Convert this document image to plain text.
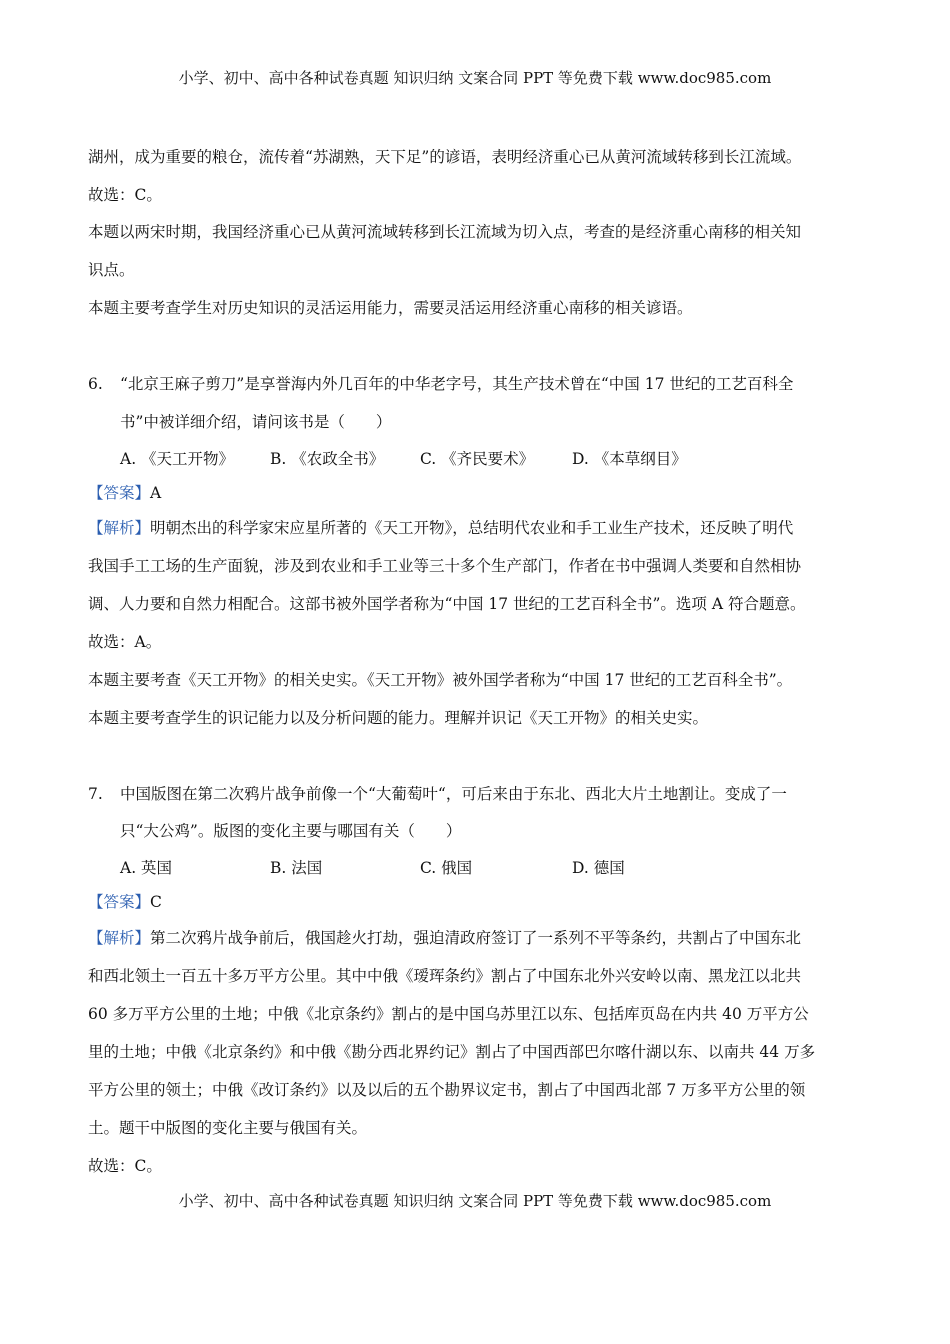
小学、初中、高中各种试卷真题 知识归纳 文案合同 PPT 等免费下载 www.doc985.com
湖州，成为重要的粮仓，流传着“苏湖熟，天下足”的谚语，表明经济重心已从黄河流域转移到长江流域。
故选：C。
本题以两宋时期，我国经济重心已从黄河流域转移到长江流域为切入点，考查的是经济重心南移的相关知
识点。
本题主要考查学生对历史知识的灵活运用能力，需要灵活运用经济重心南移的相关谚语。
6. “北京王麻子剪刀”是享誉海内外几百年的中华老字号，其生产技术曾在“中国 17 世纪的工艺百科全
书”中被详细介绍，请问该书是（　　）
A. 《天工开物》 B. 《农政全书》 C. 《齐民要术》 D. 《本草纲目》
【答案】A
【解析】明朝杰出的科学家宋应星所著的《天工开物》，总结明代农业和手工业生产技术，还反映了明代
我国手工工场的生产面貌，涉及到农业和手工业等三十多个生产部门，作者在书中强调人类要和自然相协
调、人力要和自然力相配合。这部书被外国学者称为“中国 17 世纪的工艺百科全书”。选项 A 符合题意。
故选：A。
本题主要考查《天工开物》的相关史实。《天工开物》被外国学者称为“中国 17 世纪的工艺百科全书”。
本题主要考查学生的识记能力以及分析问题的能力。理解并识记《天工开物》的相关史实。
7. 中国版图在第二次鸦片战争前像一个“大葡萄叶“，可后来由于东北、西北大片土地割让。变成了一
只“大公鸡”。版图的变化主要与哪国有关（　　）
A. 英国	B. 法国	C. 俄国	D. 德国
【答案】C
【解析】第二次鸦片战争前后，俄国趁火打劫，强迫清政府签订了一系列不平等条约，共割占了中国东北
和西北领土一百五十多万平方公里。其中中俄《瑷珲条约》割占了中国东北外兴安岭以南、黑龙江以北共
60 多万平方公里的土地；中俄《北京条约》割占的是中国乌苏里江以东、包括库页岛在内共 40 万平方公
里的土地；中俄《北京条约》和中俄《勘分西北界约记》割占了中国西部巴尔喀什湖以东、以南共 44 万多
平方公里的领土；中俄《改订条约》以及以后的五个勘界议定书，割占了中国西北部 7 万多平方公里的领
土。题干中版图的变化主要与俄国有关。
故选：C。
小学、初中、高中各种试卷真题 知识归纳 文案合同 PPT 等免费下载 www.doc985.com
